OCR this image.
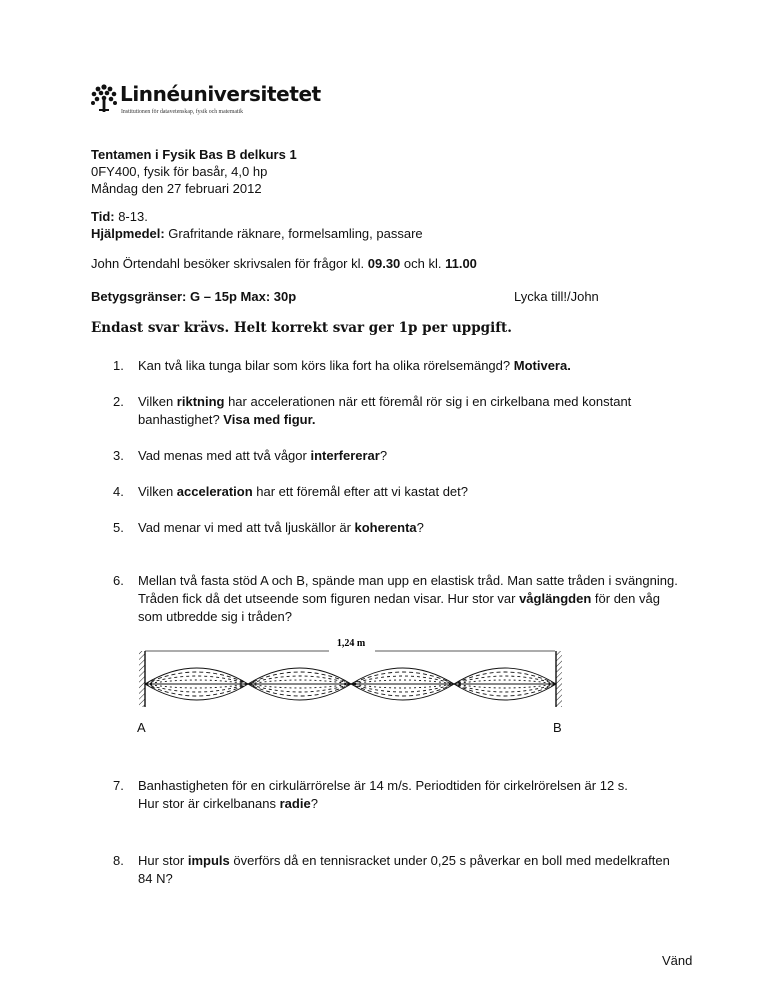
Linnéuniversitetet
Institutionen för datavetenskap, fysik och matematik
Tentamen i Fysik Bas B delkurs 1
0FY400, fysik för basår, 4,0 hp
Måndag den 27 februari 2012
Tid: 8-13.
Hjälpmedel: Grafritande räknare, formelsamling, passare
John Örtendahl besöker skrivsalen för frågor kl. 09.30 och kl. 11.00
Betygsgränser: G – 15p Max: 30p	Lycka till!/John
Endast svar krävs. Helt korrekt svar ger 1p per uppgift.
1. Kan två lika tunga bilar som körs lika fort ha olika rörelsemängd? Motivera.
2. Vilken riktning har accelerationen när ett föremål rör sig i en cirkelbana med konstant banhastighet? Visa med figur.
3. Vad menas med att två vågor interfererar?
4. Vilken acceleration har ett föremål efter att vi kastat det?
5. Vad menar vi med att två ljuskällor är koherenta?
6. Mellan två fasta stöd A och B, spände man upp en elastisk tråd. Man satte tråden i svängning. Tråden fick då det utseende som figuren nedan visar. Hur stor var våglängden för den våg som utbredde sig i tråden?
1,24 m
A	B
7. Banhastigheten för en cirkulärrörelse är 14 m/s. Periodtiden för cirkelrörelsen är 12 s.
Hur stor är cirkelbanans radie?
8. Hur stor impuls överförs då en tennisracket under 0,25 s påverkar en boll med medelkraften 84 N?
Vänd
